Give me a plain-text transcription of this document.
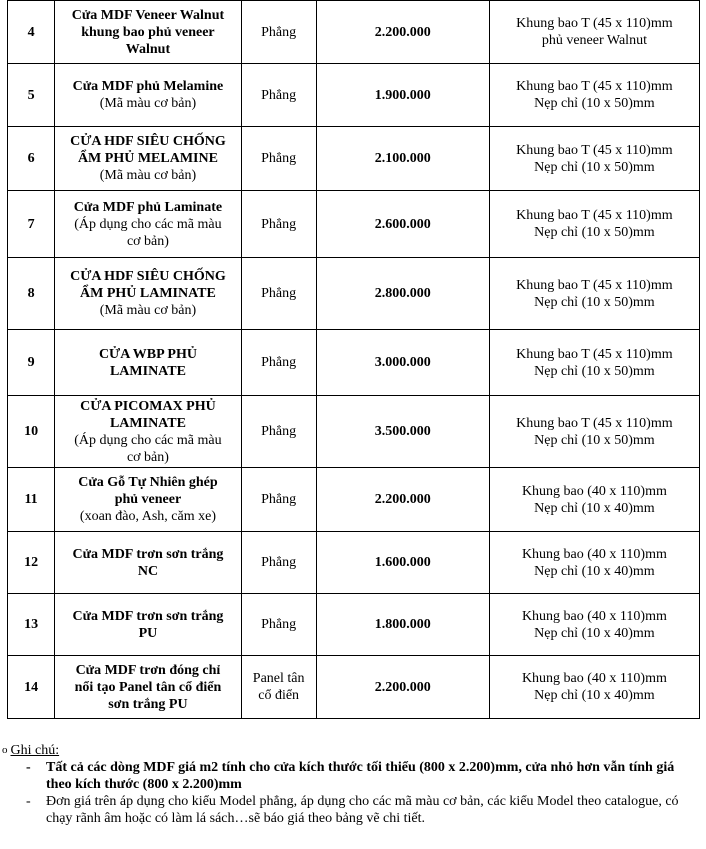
4	Cửa MDF Veneer Walnut
khung bao phủ veneer
Walnut	Phẳng	2.200.000	Khung bao T (45 x 110)mm
phủ veneer Walnut

5	Cửa MDF phủ Melamine
(Mã màu cơ bản)	Phẳng	1.900.000	Khung bao T (45 x 110)mm
Nẹp chỉ (10 x 50)mm

6	CỬA HDF SIÊU CHỐNG
ẨM PHỦ MELAMINE
(Mã màu cơ bản)	Phẳng	2.100.000	Khung bao T (45 x 110)mm
Nẹp chỉ (10 x 50)mm

7	Cửa MDF phủ Laminate
(Áp dụng cho các mã màu
cơ bản)	Phẳng	2.600.000	Khung bao T (45 x 110)mm
Nẹp chỉ (10 x 50)mm

8	CỬA HDF SIÊU CHỐNG
ẨM PHỦ LAMINATE
(Mã màu cơ bản)	Phẳng	2.800.000	Khung bao T (45 x 110)mm
Nẹp chỉ (10 x 50)mm

9	CỬA WBP PHỦ
LAMINATE	Phẳng	3.000.000	Khung bao T (45 x 110)mm
Nẹp chỉ (10 x 50)mm

10	CỬA PICOMAX PHỦ
LAMINATE
(Áp dụng cho các mã màu
cơ bản)	Phẳng	3.500.000	Khung bao T (45 x 110)mm
Nẹp chỉ (10 x 50)mm

11	Cửa Gỗ Tự Nhiên ghép
phủ veneer
(xoan đào, Ash, căm xe)	Phẳng	2.200.000	Khung bao (40 x 110)mm
Nẹp chỉ (10 x 40)mm

12	Cửa MDF trơn sơn trắng
NC	Phẳng	1.600.000	Khung bao (40 x 110)mm
Nẹp chỉ (10 x 40)mm

13	Cửa MDF trơn sơn trắng
PU	Phẳng	1.800.000	Khung bao (40 x 110)mm
Nẹp chỉ (10 x 40)mm

14	Cửa MDF trơn đóng chỉ
nổi tạo Panel tân cổ điển
sơn trắng PU	Panel tân cổ điển	2.200.000	Khung bao (40 x 110)mm
Nẹp chỉ (10 x 40)mm
$^o$ Ghi chú:
- Tất cả các dòng MDF giá m2 tính cho cửa kích thước tối thiểu (800 x 2.200)mm, cửa nhỏ hơn vẫn tính giá theo kích thước (800 x 2.200)mm
- Đơn giá trên áp dụng cho kiểu Model phẳng, áp dụng cho các mã màu cơ bản, các kiểu Model theo catalogue, có chạy rãnh âm hoặc có làm lá sách…sẽ báo giá theo bảng vẽ chi tiết.
